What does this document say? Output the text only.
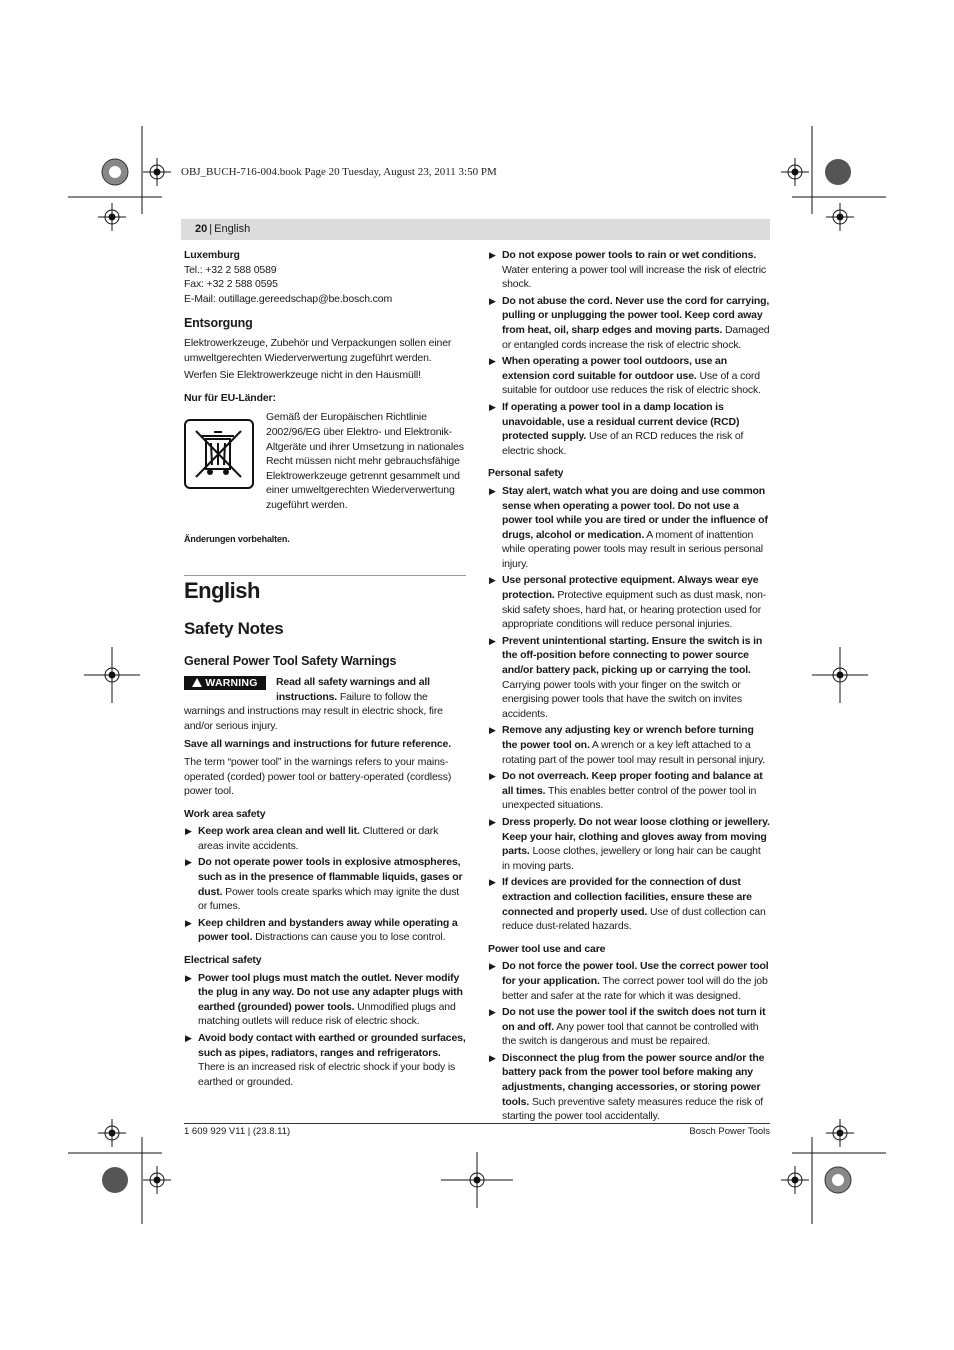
OBJ_BUCH-716-004.book Page 20 Tuesday, August 23, 2011 3:50 PM
20 | English

Luxemburg

Tel.: +32 2 588 0589

Fax: +32 2 588 0595

E-Mail: outillage.gereedschap@be.bosch.com

Entsorgung

Elektrowerkzeuge, Zubehör und Verpackungen sollen einer umweltgerechten Wiederverwertung zugeführt werden.

Werfen Sie Elektrowerkzeuge nicht in den Hausmüll!

Nur für EU-Länder:

Gemäß der Europäischen Richtlinie 2002/96/EG über Elektro- und Elektronik-Altgeräte und ihrer Umsetzung in nationales Recht müssen nicht mehr gebrauchsfähige Elektrowerkzeuge getrennt gesammelt und einer umweltgerechten Wiederverwertung zugeführt werden.

Änderungen vorbehalten.

English

Safety Notes

General Power Tool Safety Warnings

WARNING	Read all safety warnings and all instructions. Failure to follow the warnings and instructions may result in electric shock, fire and/or serious injury.

Save all warnings and instructions for future reference.

The term “power tool” in the warnings refers to your mains-operated (corded) power tool or battery-operated (cordless) power tool.

Work area safety

▶ Keep work area clean and well lit. Cluttered or dark areas invite accidents.
▶ Do not operate power tools in explosive atmospheres, such as in the presence of flammable liquids, gases or dust. Power tools create sparks which may ignite the dust or fumes.
▶ Keep children and bystanders away while operating a power tool. Distractions can cause you to lose control.

Electrical safety

▶ Power tool plugs must match the outlet. Never modify the plug in any way. Do not use any adapter plugs with earthed (grounded) power tools. Unmodified plugs and matching outlets will reduce risk of electric shock.
▶ Avoid body contact with earthed or grounded surfaces, such as pipes, radiators, ranges and refrigerators. There is an increased risk of electric shock if your body is earthed or grounded.
▶ Do not expose power tools to rain or wet conditions. Water entering a power tool will increase the risk of electric shock.
▶ Do not abuse the cord. Never use the cord for carrying, pulling or unplugging the power tool. Keep cord away from heat, oil, sharp edges and moving parts. Damaged or entangled cords increase the risk of electric shock.
▶ When operating a power tool outdoors, use an extension cord suitable for outdoor use. Use of a cord suitable for outdoor use reduces the risk of electric shock.
▶ If operating a power tool in a damp location is unavoidable, use a residual current device (RCD) protected supply. Use of an RCD reduces the risk of electric shock.

Personal safety

▶ Stay alert, watch what you are doing and use common sense when operating a power tool. Do not use a power tool while you are tired or under the influence of drugs, alcohol or medication. A moment of inattention while operating power tools may result in serious personal injury.
▶ Use personal protective equipment. Always wear eye protection. Protective equipment such as dust mask, non-skid safety shoes, hard hat, or hearing protection used for appropriate conditions will reduce personal injuries.
▶ Prevent unintentional starting. Ensure the switch is in the off-position before connecting to power source and/or battery pack, picking up or carrying the tool. Carrying power tools with your finger on the switch or energising power tools that have the switch on invites accidents.
▶ Remove any adjusting key or wrench before turning the power tool on. A wrench or a key left attached to a rotating part of the power tool may result in personal injury.
▶ Do not overreach. Keep proper footing and balance at all times. This enables better control of the power tool in unexpected situations.
▶ Dress properly. Do not wear loose clothing or jewellery. Keep your hair, clothing and gloves away from moving parts. Loose clothes, jewellery or long hair can be caught in moving parts.
▶ If devices are provided for the connection of dust extraction and collection facilities, ensure these are connected and properly used. Use of dust collection can reduce dust-related hazards.

Power tool use and care

▶ Do not force the power tool. Use the correct power tool for your application. The correct power tool will do the job better and safer at the rate for which it was designed.
▶ Do not use the power tool if the switch does not turn it on and off. Any power tool that cannot be controlled with the switch is dangerous and must be repaired.
▶ Disconnect the plug from the power source and/or the battery pack from the power tool before making any adjustments, changing accessories, or storing power tools. Such preventive safety measures reduce the risk of starting the power tool accidentally.
1 609 929 V11 | (23.8.11)	Bosch Power Tools
